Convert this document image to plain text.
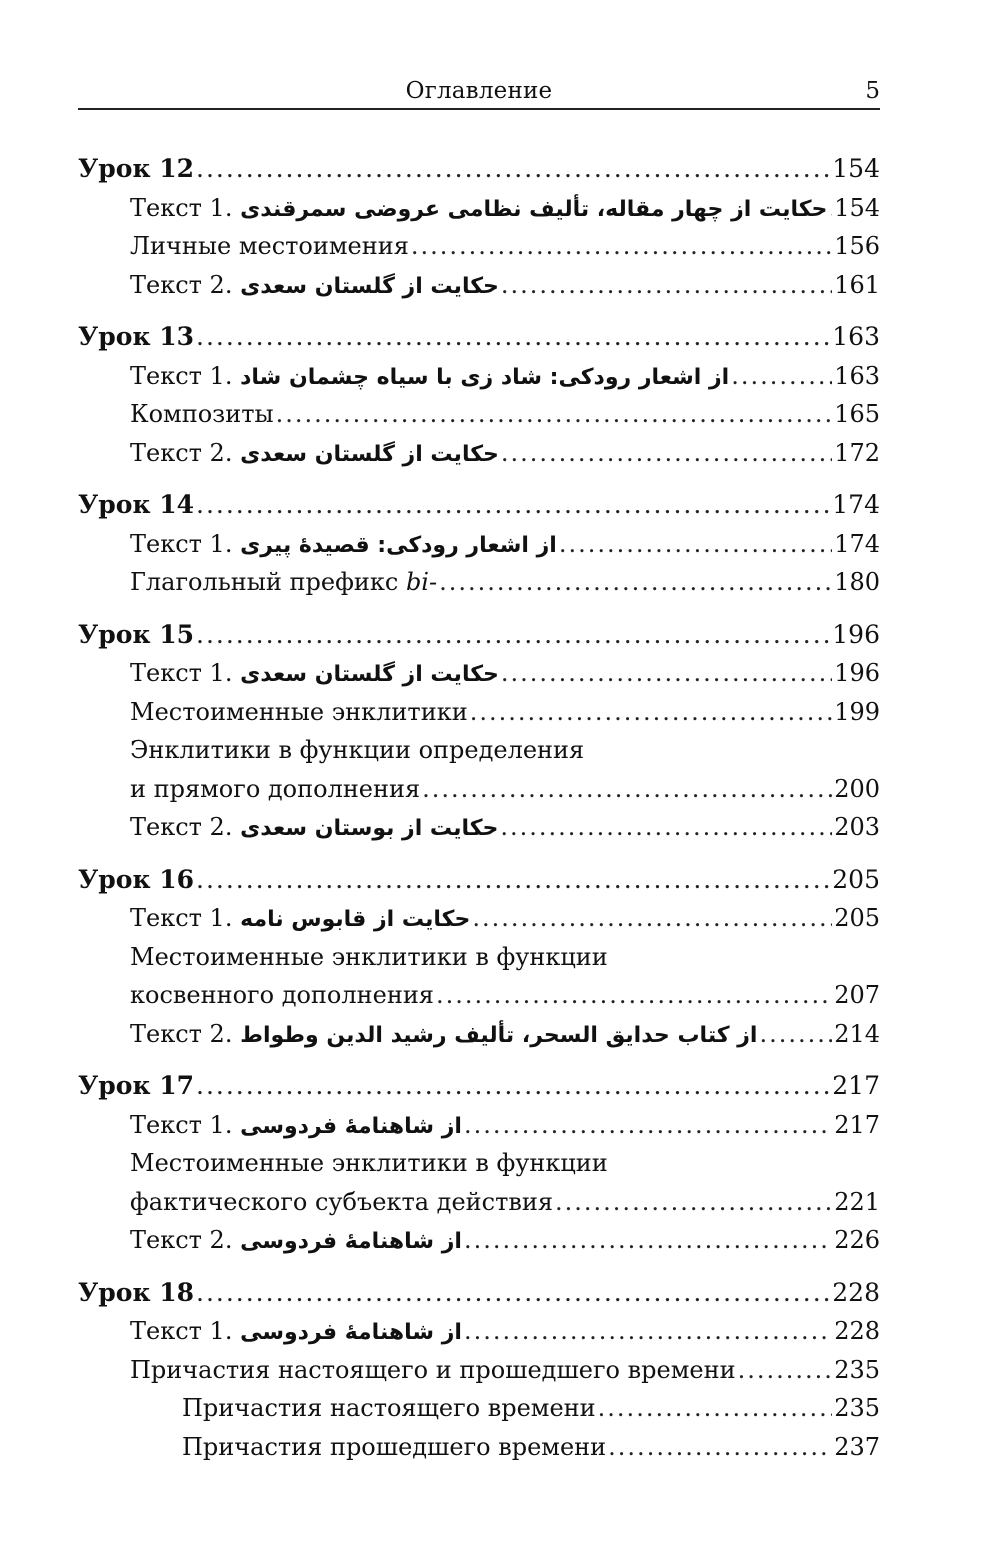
Оглавление	5
Урок 12 .....	154
Текст 1. حکایت از چهار مقاله، تألیف نظامی عروضی سمرقندی ..... 154
Личные местоимения .....	156
Текст 2. حکایت از گلستان سعدی .....	161
Урок 13 .....	163
Текст 1. از اشعار رودکی: شاد زی با سیاه چشمان شاد .....	163
Композиты .....	165
Текст 2. حکایت از گلستان سعدی .....	172
Урок 14 .....	174
Текст 1. از اشعار رودکی: قصیدهٔ پیری .....	174
Глагольный префикс bi- .....	180
Урок 15 .....	196
Текст 1. حکایت از گلستان سعدی .....	196
Местоименные энклитики .....	199
Энклитики в функции определения
и прямого дополнения .....	200
Текст 2. حکایت از بوستان سعدی .....	203
Урок 16 .....	205
Текст 1. حکایت از قابوس نامه .....	205
Местоименные энклитики в функции
косвенного дополнения .....	207
Текст 2. از کتاب حدایق السحر، تألیف رشید الدین وطواط .....	214
Урок 17 .....	217
Текст 1. از شاهنامهٔ فردوسی .....	217
Местоименные энклитики в функции
фактического субъекта действия .....	221
Текст 2. از شاهنامهٔ فردوسی .....	226
Урок 18 .....	228
Текст 1. از شاهنامهٔ فردوسی .....	228
Причастия настоящего и прошедшего времени .....	235
Причастия настоящего времени .....	235
Причастия прошедшего времени .....	237
